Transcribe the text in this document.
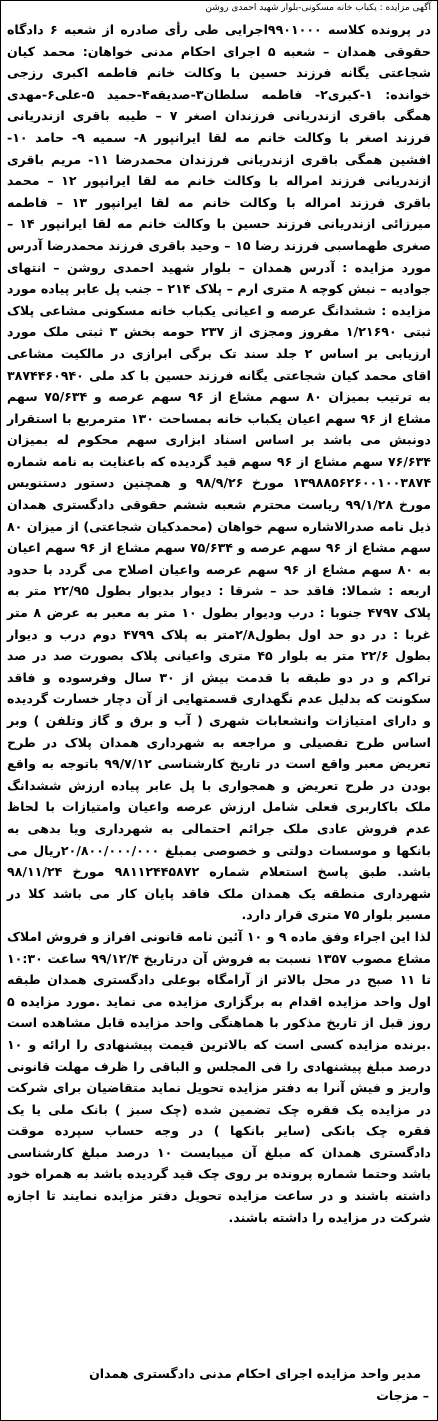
آگهی مزایده : یکباب خانه مسکونی-بلوار شهید احمدی روشن

در پرونده کلاسه ۹۹۰۱۰۰۰اجرایی طی رأی صادره از شعبه ۶ دادگاه حقوقی همدان – شعبه ۵ اجرای احکام مدنی خواهان: محمد کیان شجاعتی یگانه فرزند حسین با وکالت خانم فاطمه اکبری رزجی خوانده: ۱-کبری۲- فاطمه سلطان۳-صدیقه۴-حمید ۵-علی۶-مهدی همگی باقری ازندریانی فرزندان اصغر ۷ – طیبه باقری ازندریانی فرزند اصغر با وکالت خانم مه لقا ایرانپور ۸- سمیه ۹- حامد ۱۰- افشین همگی باقری ازندریانی فرزندان محمدرضا ۱۱- مریم باقری ازندریانی فرزند امراله با وکالت خانم مه لقا ایرانپور ۱۲ – محمد باقری فرزند امراله با وکالت خانم مه لقا ایرانپور ۱۳ – فاطمه میرزائی ازندریانی فرزند حسین با وکالت خانم مه لقا ایرانپور ۱۴ – صغری طهماسبی فرزند رضا ۱۵ – وحید باقری فرزند محمدرضا آدرس مورد مزایده : آدرس همدان – بلوار شهید احمدی روشن – انتهای جوادیه – نبش کوچه ۸ متری ارم – پلاک ۲۱۴ – جنب پل عابر پیاده مورد مزایده : ششدانگ عرصه و اعیانی یکباب خانه مسکونی مشاعی پلاک ثبتی ۱/۲۱۶۹۰ مفروز ومجزی از ۲۳۷ حومه بخش ۳ ثبتی ملک مورد ارزیابی بر اساس ۲ جلد سند تک برگی ابرازی در مالکیت مشاعی اقای محمد کیان شجاعتی یگانه فرزند حسین با کد ملی ۳۸۷۴۴۶۰۹۴۰ به ترتیب بمیزان ۸۰ سهم مشاع از ۹۶ سهم عرصه و ۷۵/۶۳۴ سهم مشاع از ۹۶ سهم اعیان یکباب خانه بمساحت ۱۳۰ مترمربع با استقرار دونبش می باشد بر اساس اسناد ابزاری سهم محکوم له بمیزان ۷۶/۶۳۴ سهم مشاع از ۹۶ سهم قید گردیده که باعنایت به نامه شماره ۱۳۹۸۸۵۶۲۶۰۰۱۰۰۳۸۷۴ مورخ ۹۸/۹/۲۶ و همچنین دستور دستنویس مورخ ۹۹/۱/۲۸ ریاست محترم شعبه ششم حقوقی دادگستری همدان ذیل نامه صدرالاشاره سهم خواهان (محمدکیان شجاعتی) از میزان ۸۰ سهم مشاع از ۹۶ سهم عرصه و ۷۵/۶۳۴ سهم مشاع از ۹۶ سهم اعیان به ۸۰ سهم مشاع از ۹۶ سهم عرصه واعیان اصلاح می گردد با حدود اربعه : شمالا: فاقد حد – شرقا : دیوار بدیوار بطول ۲۲/۹۵ متر به پلاک ۴۷۹۷ جنوبا : درب ودیوار بطول ۱۰ متر به معبر به عرض ۸ متر غربا : در دو حد اول بطول۲/۸متر به پلاک ۴۷۹۹ دوم درب و دیوار بطول ۲۲/۶ متر به بلوار ۴۵ متری واعیانی پلاک بصورت صد در صد تراکم و در دو طبقه با قدمت بیش از ۳۰ سال وفرسوده و فاقد سکونت که بدلیل عدم نگهداری قسمتهایی از آن دچار خسارت گردیده و دارای امتیازات وانشعابات شهری ( آب و برق و گاز وتلفن ) وبر اساس طرح تفصیلی و مراجعه به شهرداری همدان پلاک در طرح تعریض معبر واقع است در تاریخ کارشناسی ۹۹/۷/۱۲ باتوجه به واقع بودن در طرح تعریض و همجواری با پل عابر پیاده ارزش ششدانگ ملک باکاربری فعلی شامل ارزش عرصه واعیان وامتیازات با لحاظ عدم فروش عادی ملک جرائم احتمالی به شهرداری ویا بدهی به بانکها و موسسات دولتی و خصوصی بمبلغ ۲۰/۸۰۰/۰۰۰/۰۰۰ریال می باشد. طبق پاسخ استعلام شماره ۹۸۱۱۲۴۴۵۸۷۲ مورخ ۹۸/۱۱/۲۴ شهرداری منطقه یک همدان ملک فاقد پایان کار می باشد کلا در مسیر بلوار ۷۵ متری قرار دارد.

لذا این اجراء وفق ماده ۹ و ۱۰ آئین نامه قانونی افراز و فروش املاک مشاع مصوب ۱۳۵۷ نسبت به فروش آن درتاریخ ۹۹/۱۲/۴ ساعت ۱۰:۳۰ تا ۱۱ صبح در محل بالاتر از آرامگاه بوعلی دادگستری همدان طبقه اول واحد مزایده اقدام به برگزاری مزایده می نماید .مورد مزایده ۵ روز قبل از تاریخ مذکور با هماهنگی واحد مزایده قابل مشاهده است .برنده مزایده کسی است که بالاترین قیمت پیشنهادی را ارائه و ۱۰ درصد مبلغ پیشنهادی را فی المجلس و الباقی را ظرف مهلت قانونی واریز و فیش آنرا به دفتر مزایده تحویل نماید متقاضیان برای شرکت در مزایده یک فقره چک تضمین شده (چک سبز ) بانک ملی یا یک فقره چک بانکی (سایر بانکها ) در وجه حساب سپرده موقت دادگستری همدان که مبلغ آن میبایست ۱۰ درصد مبلغ کارشناسی باشد وحتما شماره پرونده بر روی چک قید گردیده باشد به همراه خود داشته باشند و در ساعت مزایده تحویل دفتر مزایده نمایند تا اجازه شرکت در مزایده را داشته باشند.

مدیر واحد مزایده اجرای احکام مدنی دادگستری همدان
– مزجات
